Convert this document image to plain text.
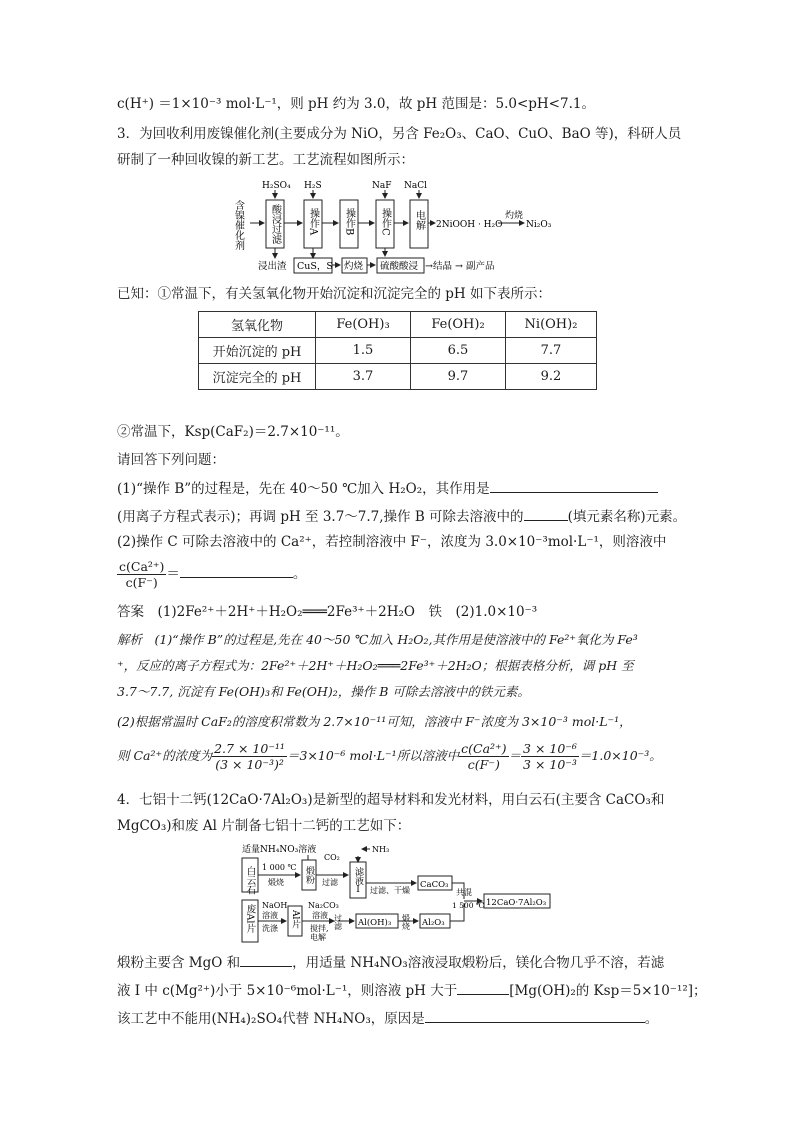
c(H⁺) ＝1×10⁻³ mol·L⁻¹，则 pH 约为 3.0，故 pH 范围是：5.0<pH<7.1。
3．为回收利用废镍催化剂(主要成分为 NiO，另含 Fe₂O₃、CaO、CuO、BaO 等)，科研人员
研制了一种回收镍的新工艺。工艺流程如图所示：
含镍催化剂	酸浸过滤	操作A	操作B	操作C 电解
H₂SO₄ H₂S	NaF NaCl
2NiOOH · H₂O
灼烧
Ni₂O₃
浸出渣 CuS，S 灼烧 硫酸酸浸 →结晶 → 副产品
已知：①常温下，有关氢氧化物开始沉淀和沉淀完全的 pH 如下表所示：
氢氧化物	Fe(OH)₃	Fe(OH)₂	Ni(OH)₂
开始沉淀的 pH	1.5	6.5	7.7
沉淀完全的 pH	3.7	9.7	9.2
②常温下，Ksp(CaF₂)＝2.7×10⁻¹¹。
请回答下列问题：
(1)“操作 B”的过程是，先在 40～50 ℃加入 H₂O₂，其作用是
(用离子方程式表示)；再调 pH 至 3.7～7.7,操作 B 可除去溶液中的	(填元素名称)元素。
(2)操作 C 可除去溶液中的 Ca²⁺，若控制溶液中 F⁻，浓度为 3.0×10⁻³mol·L⁻¹，则溶液中
$\frac{\text{c(Ca²⁺)}}{c(F^-)}$ ＝	。
答案　(1)2Fe²⁺＋2H⁺＋H₂O₂═══2Fe³⁺＋2H₂O　铁　(2)1.0×10⁻³
解析　(1)“操作 B”的过程是,先在 40～50 ℃加入 H₂O₂,其作用是使溶液中的 Fe²⁺氧化为 Fe³
⁺，反应的离子方程式为：2Fe²⁺＋2H⁺＋H₂O₂═══2Fe³⁺＋2H₂O；根据表格分析，调 pH 至
3.7～7.7, 沉淀有 Fe(OH)₃和 Fe(OH)₂，操作 B 可除去溶液中的铁元素。
(2)根据常温时 CaF₂的溶度积常数为 2.7×10⁻¹¹可知，溶液中 F⁻浓度为 3×10⁻³ mol·L⁻¹，
则 Ca²⁺的浓度为 $\frac{\text{2.7 × 10⁻¹¹}}{\text{(3 × 10⁻³)²}} =3\times 10^{-6}$ mol·L⁻¹所以溶液中 $\frac{\text{c(Ca²⁺)}}{c(F^-)} = \frac{\text{3 × 10⁻⁶}}{\text{3 × 10⁻³}} =1.0\times 10^{-3}$。
4．七铝十二钙(12CaO·7Al₂O₃)是新型的超导材料和发光材料，用白云石(主要含 CaCO₃和
MgCO₃)和废 Al 片制备七铝十二钙的工艺如下：
适量NH₄NO₃溶液
CO₂
NH₃
白云石 1 000 ℃
煅烧 煅粉 过滤 滤液Ⅰ 过滤、干燥
CaCO₃
共混
1 500 ℃ 12CaO·7Al₂O₃
废Al片 NaOH
溶液
洗涤
Al片
Na₂CO₃
溶液
搅拌,
电解
过滤 Al(OH)₃ 煅烧 Al₂O₃
煅粉主要含 MgO 和	，用适量 NH₄NO₃溶液浸取煅粉后，镁化合物几乎不溶，若滤
液 I 中 c(Mg²⁺)小于 5×10⁻⁶mol·L⁻¹，则溶液 pH 大于	[Mg(OH)₂的 Ksp＝5×10⁻¹²]；
该工艺中不能用(NH₄)₂SO₄代替 NH₄NO₃，原因是	。
